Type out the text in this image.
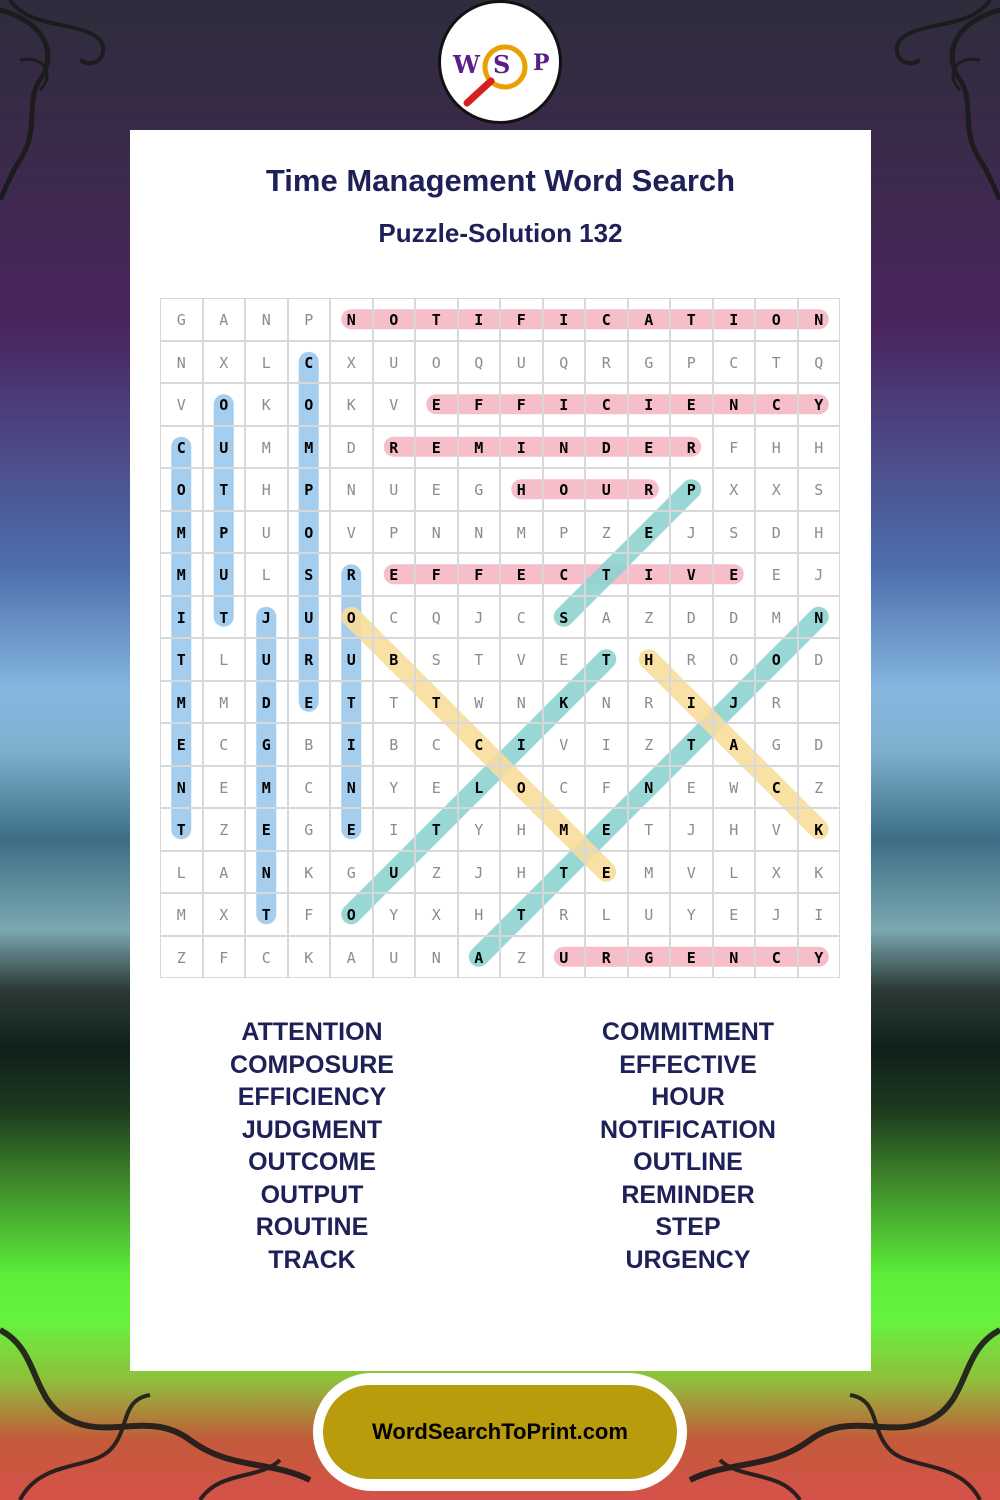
W S P
Time Management Word Search
Puzzle-Solution 132
G	A	N	P	N	O	T	I	F	I	C	A	T	I	O	N
N	X	L	C	X	U	O	Q	U	Q	R	G	P	C	T	Q
V	O	K	O	K	V	E	F	F	I	C	I	E	N	C	Y
C	U	M	M	D	R	E	M	I	N	D	E	R	F	H	H
O	T	H	P	N	U	E	G	H	O	U	R	P	X	X	S
M	P	U	O	V	P	N	N	M	P	Z	E	J	S	D	H
M	U	L	S	R	E	F	F	E	C	T	I	V	E	E	J
I	T	J	U	O	C	Q	J	C	S	A	Z	D	D	M	N
T	L	U	R	U	B	S	T	V	E	T	H	R	O	O	D
M	M	D	E	T	T	T	W	N	K	N	R	I	J	R
E	C	G	B	I	B	C	C	I	V	I	Z	T	A	G	D
N	E	M	C	N	Y	E	L	O	C	F	N	E	W	C	Z
T	Z	E	G	E	I	T	Y	H	M	E	T	J	H	V	K
L	A	N	K	G	U	Z	J	H	T	E	M	V	L	X	K
M	X	T	F	O	Y	X	H	T	R	L	U	Y	E	J	I
Z	F	C	K	A	U	N	A	Z	U	R	G	E	N	C	Y
ATTENTION
COMPOSURE
EFFICIENCY
JUDGMENT
OUTCOME
OUTPUT
ROUTINE
TRACK
COMMITMENT
EFFECTIVE
HOUR
NOTIFICATION
OUTLINE
REMINDER
STEP
URGENCY
WordSearchToPrint.com
